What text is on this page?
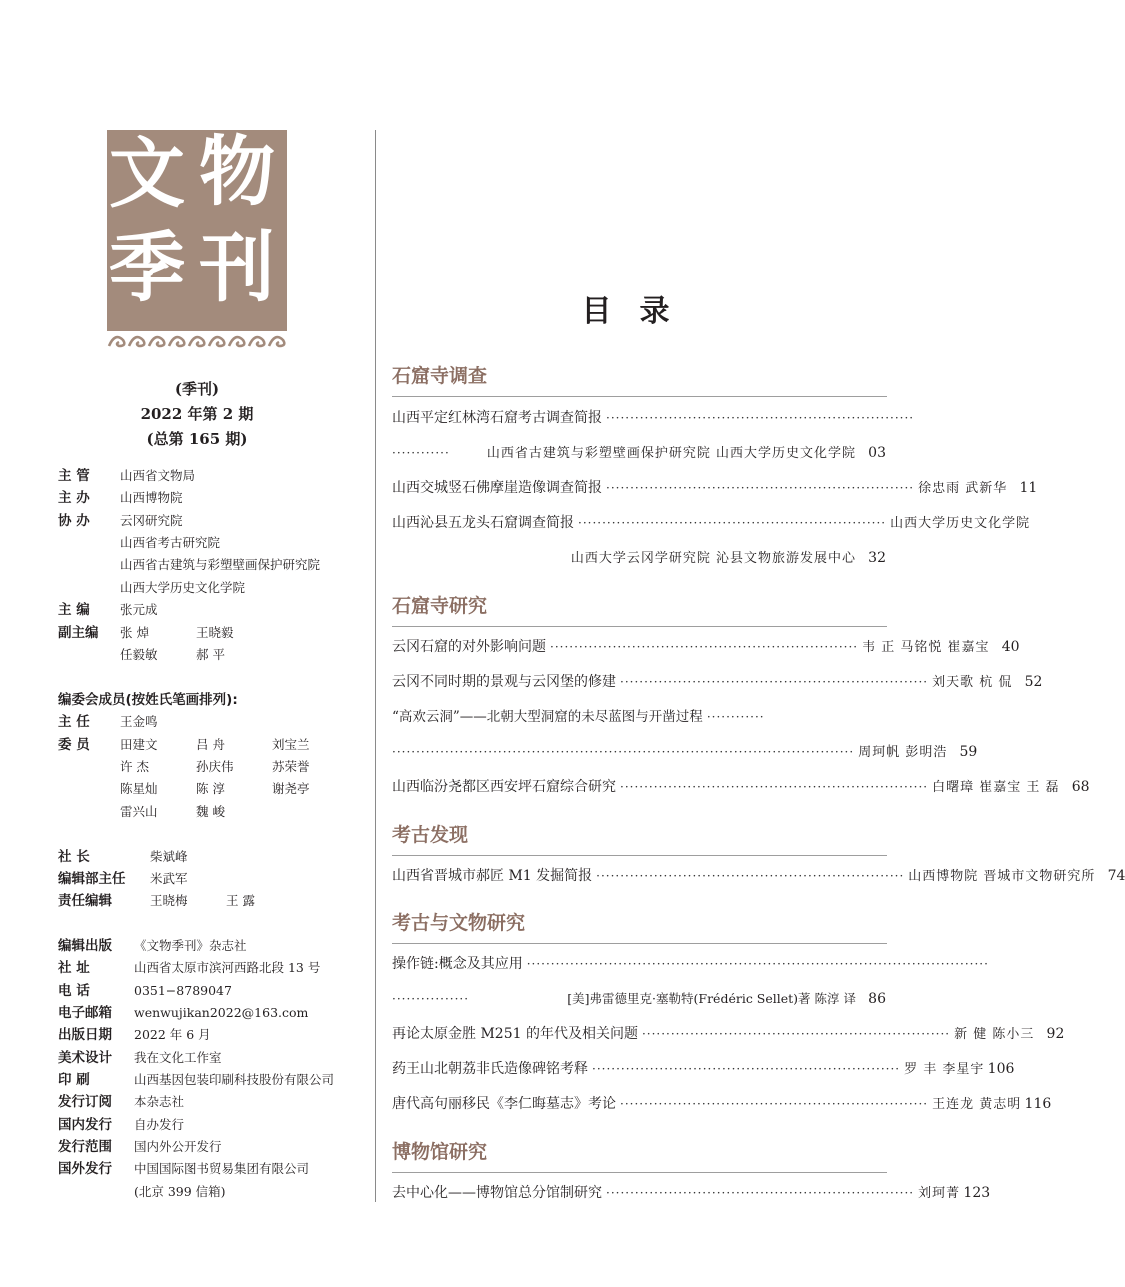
文 物
季 刊
(季刊)
2022 年第 2 期
(总第 165 期)
主 管 山西省文物局
主 办 山西博物院
协 办 云冈研究院
山西省考古研究院
山西省古建筑与彩塑壁画保护研究院
山西大学历史文化学院
主 编 张元成
副主编 张 焯	王晓毅
任毅敏	郝 平
编委会成员(按姓氏笔画排列):
主 任 王金鸣
委 员 田建文	吕 舟	刘宝兰
许 杰	孙庆伟	苏荣誉
陈星灿	陈 淳	谢尧亭
雷兴山	魏 峻
社 长	柴斌峰
编辑部主任 米武军
责任编辑	王晓梅	王 露
编辑出版 《文物季刊》杂志社
社 址	山西省太原市滨河西路北段 13 号
电 话	0351−8789047
电子邮箱 wenwujikan2022@163.com
出版日期 2022 年 6 月
美术设计 我在文化工作室
印 刷	山西基因包装印刷科技股份有限公司
发行订阅 本杂志社
国内发行 自办发行
发行范围 国内外公开发行
国外发行 中国国际图书贸易集团有限公司
(北京 399 信箱)
目录
石窟寺调查
山西平定红林湾石窟考古调查简报 ································································
············	山西省古建筑与彩塑壁画保护研究院 山西大学历史文化学院 03
山西交城竖石佛摩崖造像调查简报 ································································ 徐忠雨 武新华 11
山西沁县五龙头石窟调查简报 ································································ 山西大学历史文化学院
山西大学云冈学研究院 沁县文物旅游发展中心 32
石窟寺研究
云冈石窟的对外影响问题 ································································ 韦 正 马铭悦 崔嘉宝 40
云冈不同时期的景观与云冈堡的修建 ································································ 刘天歌 杭 侃 52
“高欢云洞”——北朝大型洞窟的未尽蓝图与开凿过程 ············
································································································ 周珂帆 彭明浩 59
山西临汾尧都区西安坪石窟综合研究 ································································ 白曙璋 崔嘉宝 王 磊 68
考古发现
山西省晋城市郝匠 M1 发掘简报 ································································ 山西博物院 晋城市文物研究所 74
考古与文物研究
操作链:概念及其应用 ································································································
················	[美]弗雷德里克·塞勒特(Frédéric Sellet)著 陈淳 译 86
再论太原金胜 M251 的年代及相关问题 ································································ 新 健 陈小三 92
药王山北朝荔非氏造像碑铭考释 ································································ 罗 丰 李星宇 106
唐代高句丽移民《李仁晦墓志》考论 ································································ 王连龙 黄志明 116
博物馆研究
去中心化——博物馆总分馆制研究 ································································ 刘珂菁 123
